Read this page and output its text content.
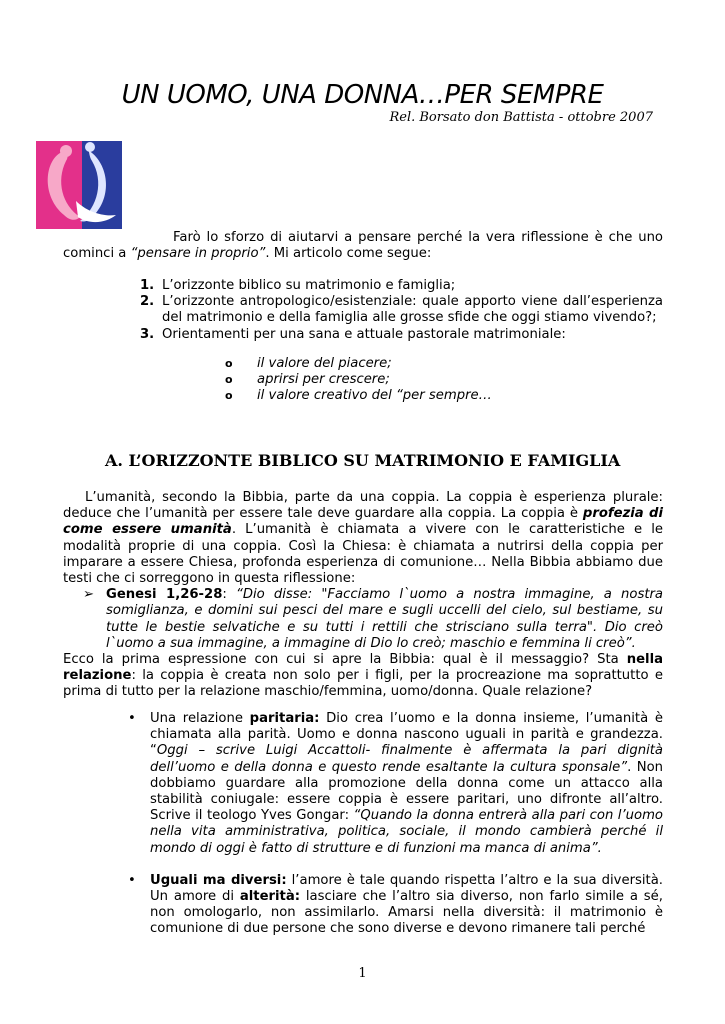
UN UOMO, UNA DONNA…PER SEMPRE
Rel. Borsato don Battista - ottobre 2007
Farò lo sforzo di aiutarvi a pensare perché la vera riflessione è che uno cominci a “pensare in proprio”. Mi articolo come segue:
1. L’orizzonte biblico su matrimonio e famiglia;
2. L’orizzonte antropologico/esistenziale: quale apporto viene dall’esperienza del matrimonio e della famiglia alle grosse sfide che oggi stiamo vivendo?;
3. Orientamenti per una sana e attuale pastorale matrimoniale:
o il valore del piacere;
o aprirsi per crescere;
o il valore creativo del “per sempre…
A. L’ORIZZONTE BIBLICO SU MATRIMONIO E FAMIGLIA
L’umanità, secondo la Bibbia, parte da una coppia. La coppia è esperienza plurale: deduce che l’umanità per essere tale deve guardare alla coppia. La coppia è profezia di come essere umanità. L’umanità è chiamata a vivere con le caratteristiche e le modalità proprie di una coppia. Così la Chiesa: è chiamata a nutrirsi della coppia per imparare a essere Chiesa, profonda esperienza di comunione… Nella Bibbia abbiamo due testi che ci sorreggono in questa riflessione:
➢ Genesi 1,26-28: “Dio disse: "Facciamo l`uomo a nostra immagine, a nostra somiglianza, e domini sui pesci del mare e sugli uccelli del cielo, sul bestiame, su tutte le bestie selvatiche e su tutti i rettili che strisciano sulla terra". Dio creò l`uomo a sua immagine, a immagine di Dio lo creò; maschio e femmina li creò”.
Ecco la prima espressione con cui si apre la Bibbia: qual è il messaggio? Sta nella relazione: la coppia è creata non solo per i figli, per la procreazione ma soprattutto e prima di tutto per la relazione maschio/femmina, uomo/donna. Quale relazione?
• Una relazione paritaria: Dio crea l’uomo e la donna insieme, l’umanità è chiamata alla parità. Uomo e donna nascono uguali in parità e grandezza. “Oggi – scrive Luigi Accattoli- finalmente è affermata la pari dignità dell’uomo e della donna e questo rende esaltante la cultura sponsale”. Non dobbiamo guardare alla promozione della donna come un attacco alla stabilità coniugale: essere coppia è essere paritari, uno difronte all’altro. Scrive il teologo Yves Gongar: “Quando la donna entrerà alla pari con l’uomo nella vita amministrativa, politica, sociale, il mondo cambierà perché il mondo di oggi è fatto di strutture e di funzioni ma manca di anima”.
• Uguali ma diversi: l’amore è tale quando rispetta l’altro e la sua diversità. Un amore di alterità: lasciare che l’altro sia diverso, non farlo simile a sé, non omologarlo, non assimilarlo. Amarsi nella diversità: il matrimonio è comunione di due persone che sono diverse e devono rimanere tali perché
1
